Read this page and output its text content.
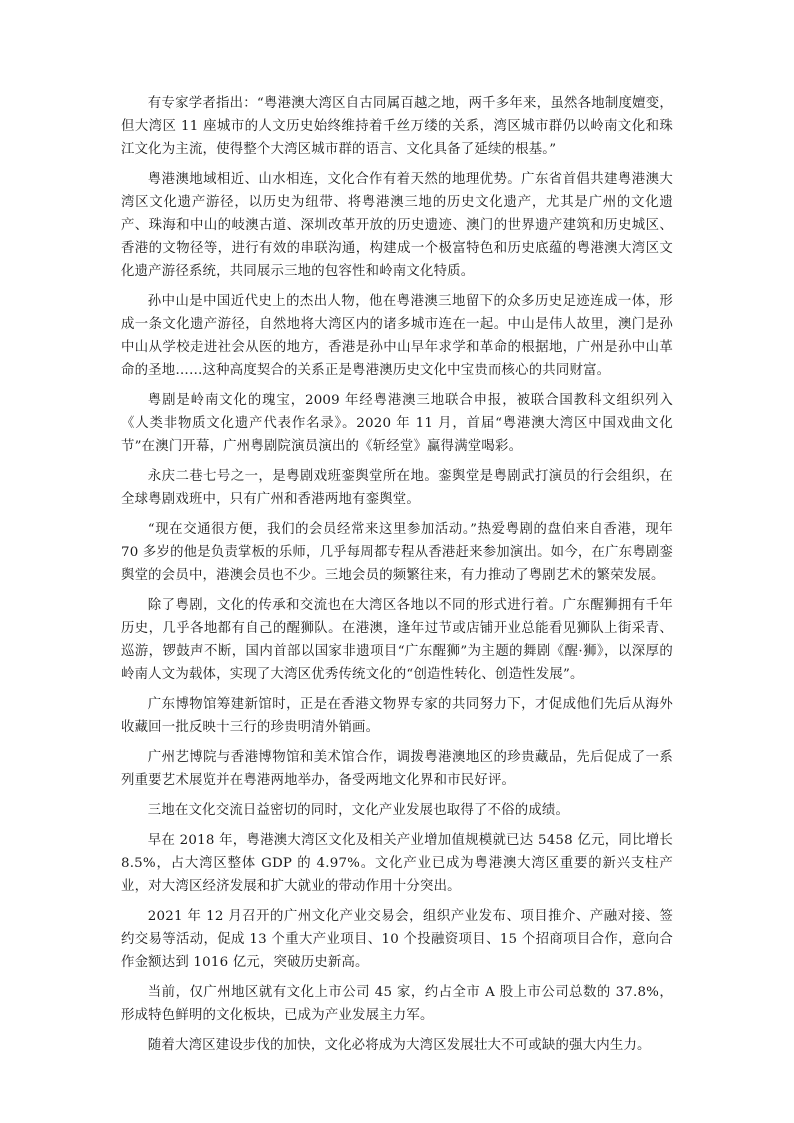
有专家学者指出：“粤港澳大湾区自古同属百越之地，两千多年来，虽然各地制度嬗变，但大湾区 11 座城市的人文历史始终维持着千丝万缕的关系，湾区城市群仍以岭南文化和珠江文化为主流，使得整个大湾区城市群的语言、文化具备了延续的根基。”

粤港澳地域相近、山水相连，文化合作有着天然的地理优势。广东省首倡共建粤港澳大湾区文化遗产游径，以历史为纽带、将粤港澳三地的历史文化遗产，尤其是广州的文化遗产、珠海和中山的岐澳古道、深圳改革开放的历史遗迹、澳门的世界遗产建筑和历史城区、香港的文物径等，进行有效的串联沟通，构建成一个极富特色和历史底蕴的粤港澳大湾区文化遗产游径系统，共同展示三地的包容性和岭南文化特质。

孙中山是中国近代史上的杰出人物，他在粤港澳三地留下的众多历史足迹连成一体，形成一条文化遗产游径，自然地将大湾区内的诸多城市连在一起。中山是伟人故里，澳门是孙中山从学校走进社会从医的地方，香港是孙中山早年求学和革命的根据地，广州是孙中山革命的圣地……这种高度契合的关系正是粤港澳历史文化中宝贵而核心的共同财富。

粤剧是岭南文化的瑰宝，2009 年经粤港澳三地联合申报，被联合国教科文组织列入《人类非物质文化遗产代表作名录》。2020 年 11 月，首届“粤港澳大湾区中国戏曲文化节”在澳门开幕，广州粤剧院演员演出的《斩经堂》赢得满堂喝彩。

永庆二巷七号之一，是粤剧戏班銮舆堂所在地。銮舆堂是粤剧武打演员的行会组织，在全球粤剧戏班中，只有广州和香港两地有銮舆堂。

“现在交通很方便，我们的会员经常来这里参加活动。”热爱粤剧的盘伯来自香港，现年 70 多岁的他是负责掌板的乐师，几乎每周都专程从香港赶来参加演出。如今，在广东粤剧銮舆堂的会员中，港澳会员也不少。三地会员的频繁往来，有力推动了粤剧艺术的繁荣发展。

除了粤剧，文化的传承和交流也在大湾区各地以不同的形式进行着。广东醒狮拥有千年历史，几乎各地都有自己的醒狮队。在港澳，逢年过节或店铺开业总能看见狮队上街采青、巡游，锣鼓声不断，国内首部以国家非遗项目“广东醒狮”为主题的舞剧《醒·狮》，以深厚的岭南人文为载体，实现了大湾区优秀传统文化的“创造性转化、创造性发展”。

广东博物馆筹建新馆时，正是在香港文物界专家的共同努力下，才促成他们先后从海外收藏回一批反映十三行的珍贵明清外销画。

广州艺博院与香港博物馆和美术馆合作，调拨粤港澳地区的珍贵藏品，先后促成了一系列重要艺术展览并在粤港两地举办，备受两地文化界和市民好评。

三地在文化交流日益密切的同时，文化产业发展也取得了不俗的成绩。

早在 2018 年，粤港澳大湾区文化及相关产业增加值规模就已达 5458 亿元，同比增长 8.5%，占大湾区整体 GDP 的 4.97%。文化产业已成为粤港澳大湾区重要的新兴支柱产业，对大湾区经济发展和扩大就业的带动作用十分突出。

2021 年 12 月召开的广州文化产业交易会，组织产业发布、项目推介、产融对接、签约交易等活动，促成 13 个重大产业项目、10 个投融资项目、15 个招商项目合作，意向合作金额达到 1016 亿元，突破历史新高。

当前，仅广州地区就有文化上市公司 45 家，约占全市 A 股上市公司总数的 37.8%，形成特色鲜明的文化板块，已成为产业发展主力军。

随着大湾区建设步伐的加快，文化必将成为大湾区发展壮大不可或缺的强大内生力。
